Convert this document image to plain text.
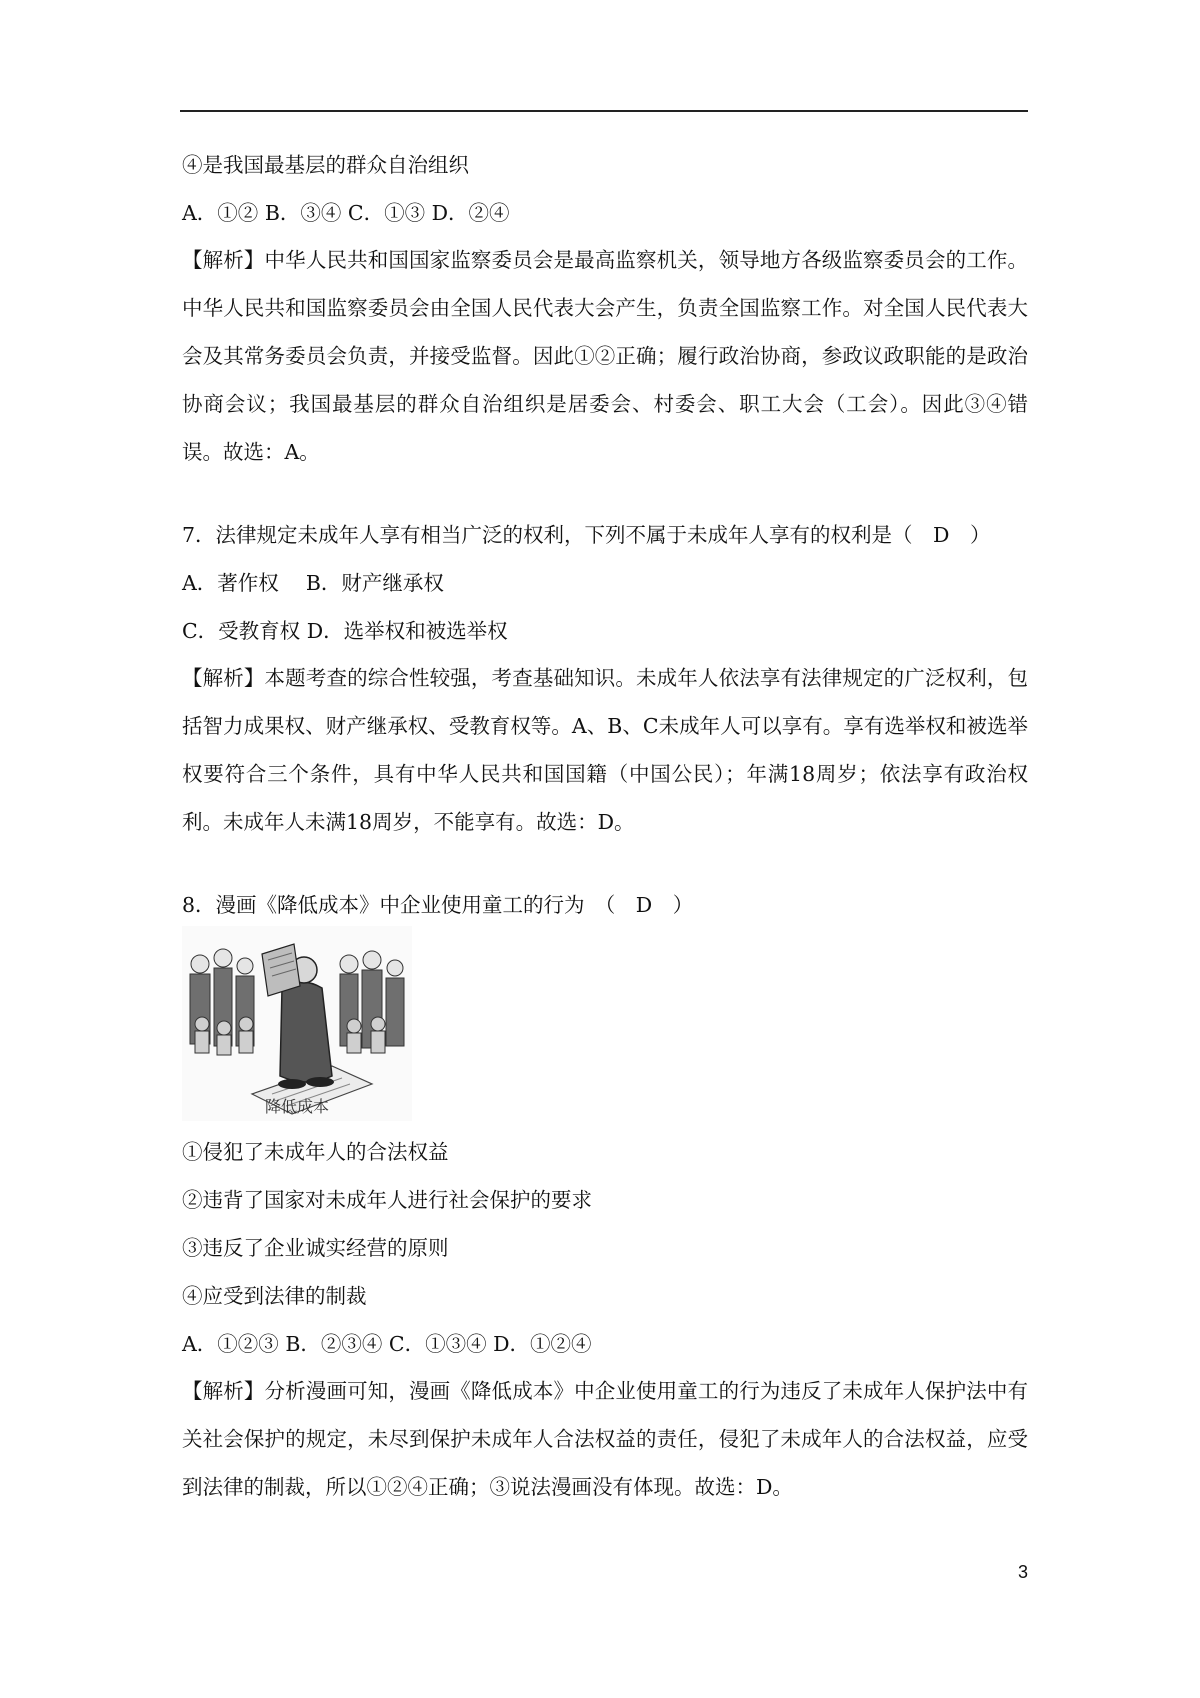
④是我国最基层的群众自治组织

A．①② B．③④ C．①③ D．②④

【解析】中华人民共和国国家监察委员会是最高监察机关，领导地方各级监察委员会的工作。中华人民共和国监察委员会由全国人民代表大会产生，负责全国监察工作。对全国人民代表大会及其常务委员会负责，并接受监督。因此①②正确；履行政治协商，参政议政职能的是政治协商会议；我国最基层的群众自治组织是居委会、村委会、职工大会（工会）。因此③④错误。故选：A。

7．法律规定未成年人享有相当广泛的权利，下列不属于未成年人享有的权利是（　D　）

A．著作权　 B．财产继承权

C．受教育权 D．选举权和被选举权

【解析】本题考查的综合性较强，考查基础知识。未成年人依法享有法律规定的广泛权利，包括智力成果权、财产继承权、受教育权等。A、B、C未成年人可以享有。享有选举权和被选举权要符合三个条件，具有中华人民共和国国籍（中国公民）；年满18周岁；依法享有政治权利。未成年人未满18周岁，不能享有。故选：D。

8．漫画《降低成本》中企业使用童工的行为　（　D　）

降低成本

①侵犯了未成年人的合法权益

②违背了国家对未成年人进行社会保护的要求

③违反了企业诚实经营的原则

④应受到法律的制裁

A．①②③ B．②③④ C．①③④ D．①②④

【解析】分析漫画可知，漫画《降低成本》中企业使用童工的行为违反了未成年人保护法中有关社会保护的规定，未尽到保护未成年人合法权益的责任，侵犯了未成年人的合法权益，应受到法律的制裁，所以①②④正确；③说法漫画没有体现。故选：D。

3
